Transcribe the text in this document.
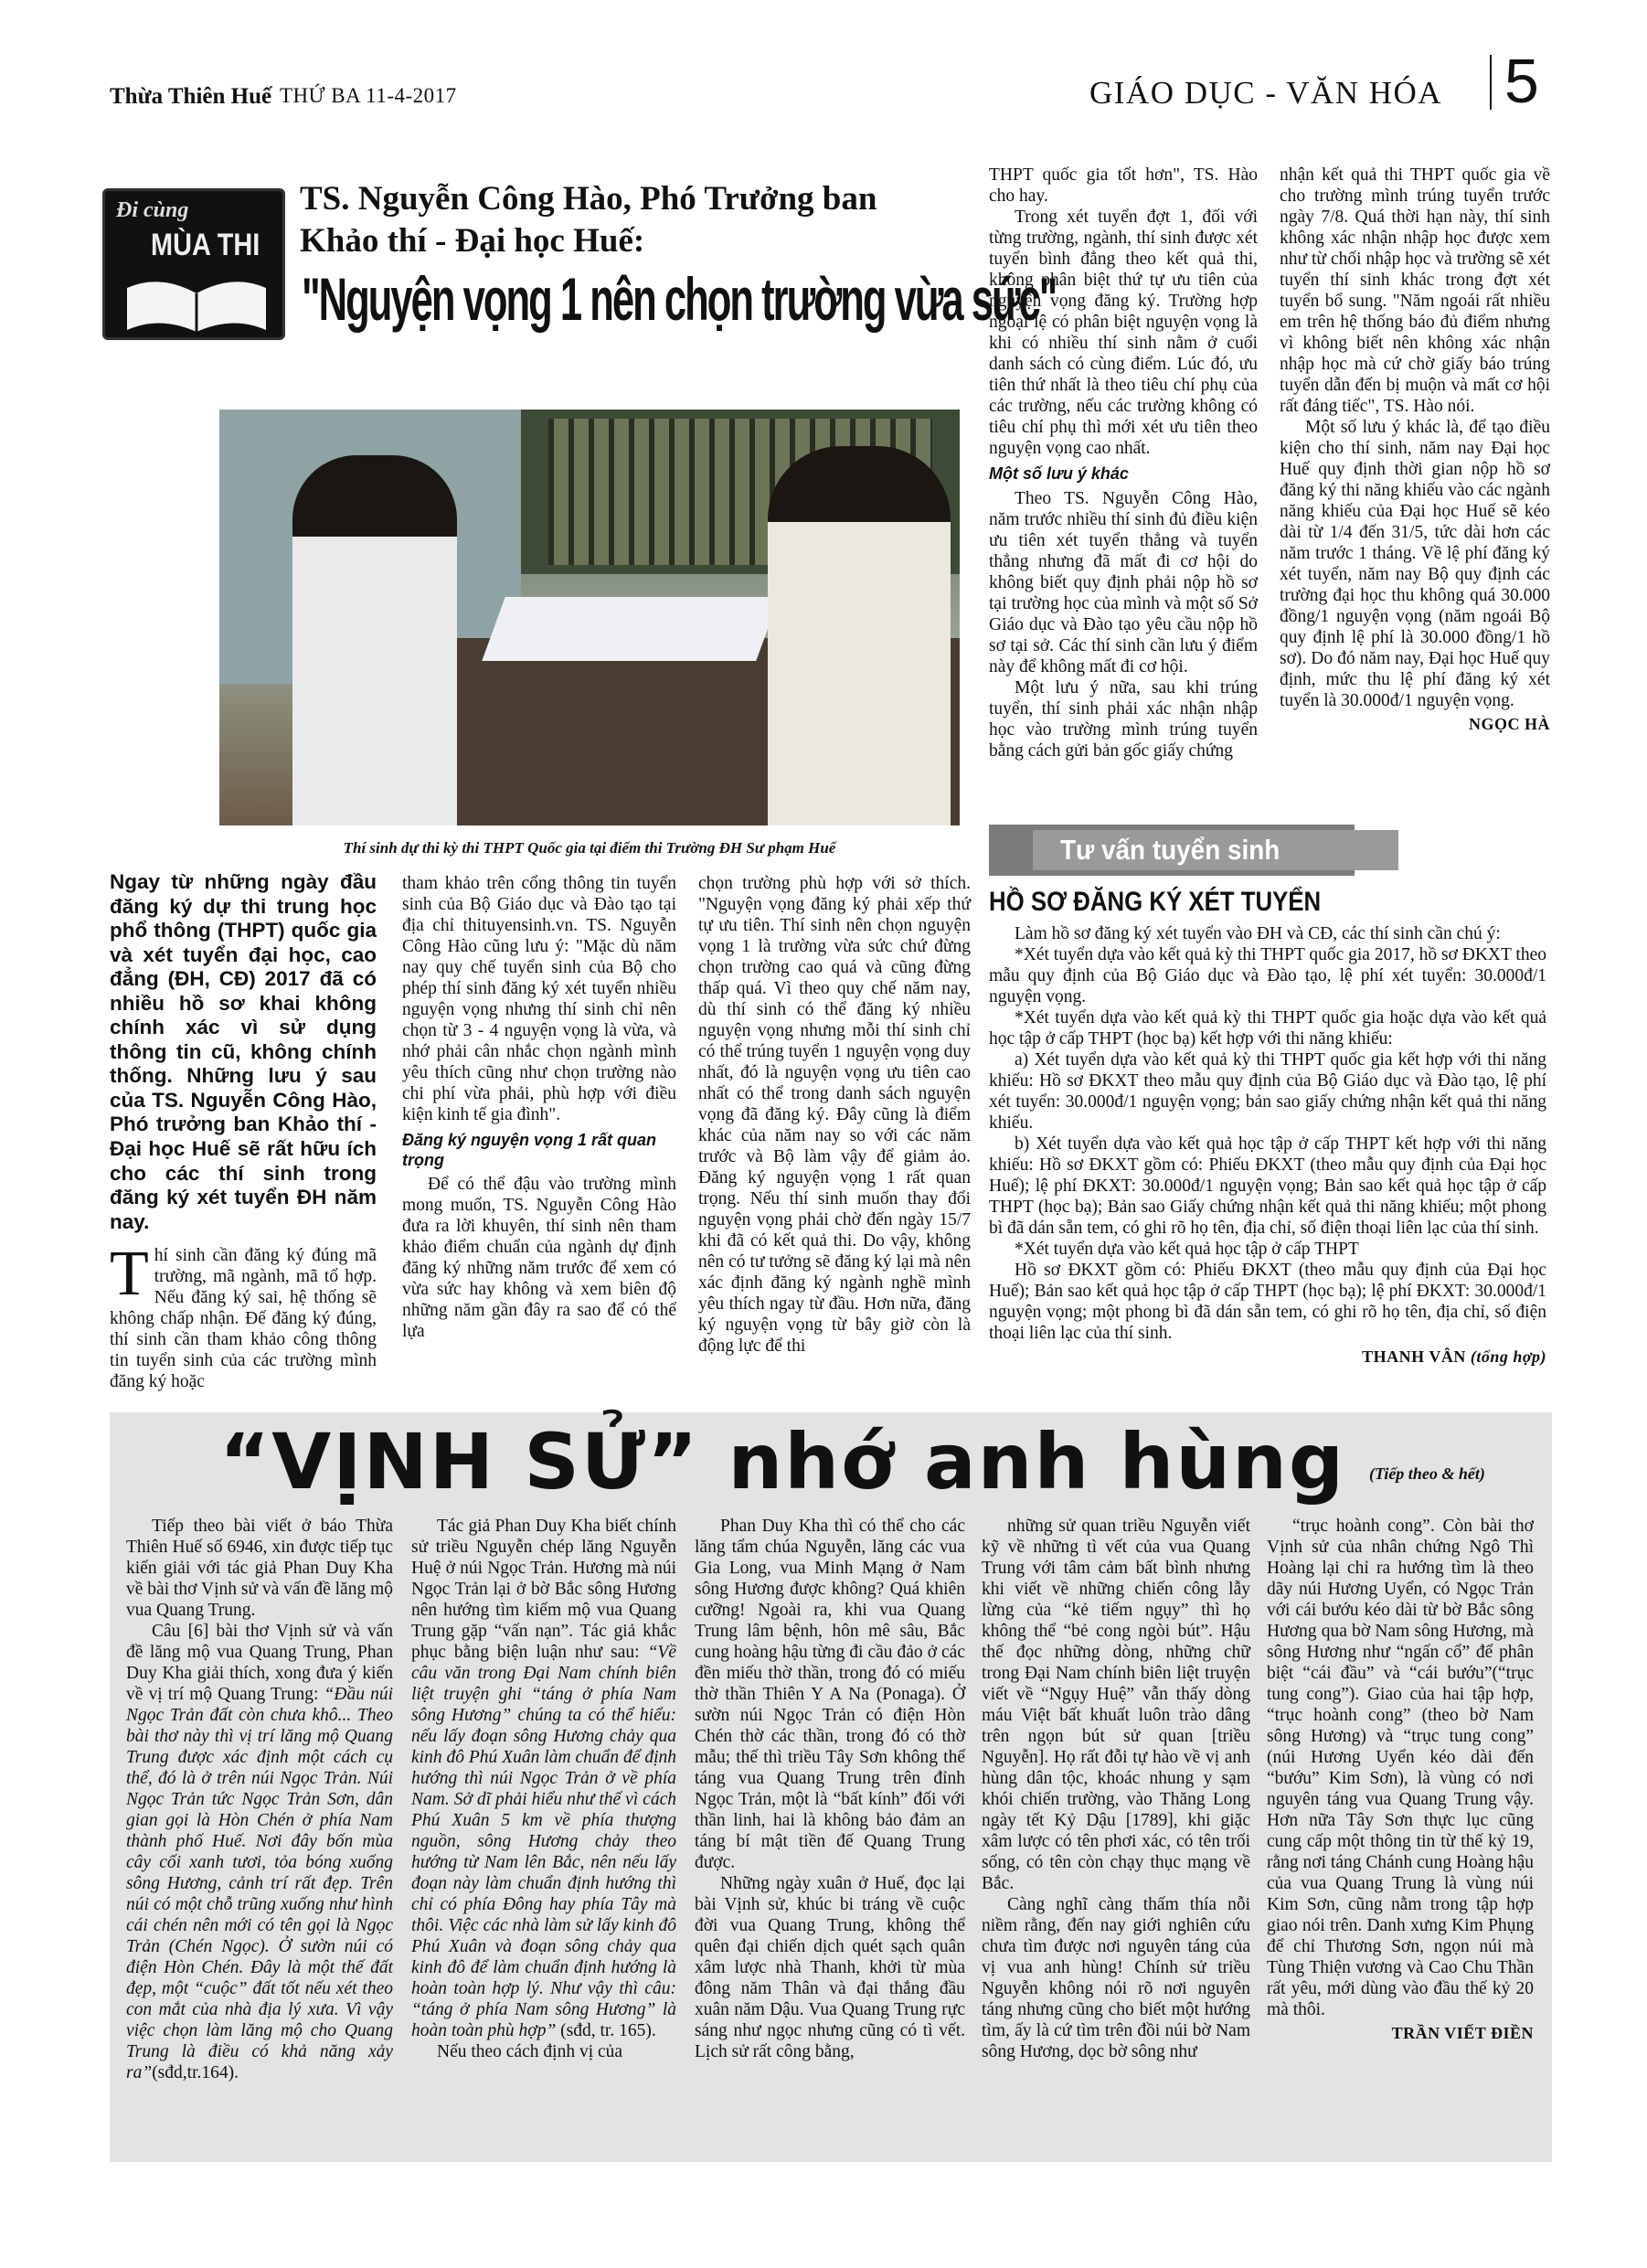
Thừa Thiên Huế THỨ BA 11-4-2017	GIÁO DỤC - VĂN HÓA 5
Đi cùng
MÙA THI
TS. Nguyễn Công Hào, Phó Trưởng ban
Khảo thí - Đại học Huế:
"Nguyện vọng 1 nên chọn trường vừa sức"
Thí sinh dự thi kỳ thi THPT Quốc gia tại điểm thi Trường ĐH Sư phạm Huế
Ngay từ những ngày đầu đăng ký dự thi trung học phổ thông (THPT) quốc gia và xét tuyển đại học, cao đẳng (ĐH, CĐ) 2017 đã có nhiều hồ sơ khai không chính xác vì sử dụng thông tin cũ, không chính thống. Những lưu ý sau của TS. Nguyễn Công Hào, Phó trưởng ban Khảo thí - Đại học Huế sẽ rất hữu ích cho các thí sinh trong đăng ký xét tuyển ĐH năm nay.
Thí sinh cần đăng ký đúng mã trường, mã ngành, mã tổ hợp. Nếu đăng ký sai, hệ thống sẽ không chấp nhận. Để đăng ký đúng, thí sinh cần tham khảo công thông tin tuyển sinh của các trường mình đăng ký hoặc

tham khảo trên cổng thông tin tuyển sinh của Bộ Giáo dục và Đào tạo tại địa chỉ thituyensinh.vn. TS. Nguyễn Công Hào cũng lưu ý: "Mặc dù năm nay quy chế tuyển sinh của Bộ cho phép thí sinh đăng ký xét tuyển nhiều nguyện vọng nhưng thí sinh chỉ nên chọn từ 3 - 4 nguyện vọng là vừa, và nhớ phải cân nhắc chọn ngành mình yêu thích cũng như chọn trường nào chi phí vừa phải, phù hợp với điều kiện kinh tế gia đình".

Đăng ký nguyện vọng 1 rất quan trọng

Để có thể đậu vào trường mình mong muốn, TS. Nguyễn Công Hào đưa ra lời khuyên, thí sinh nên tham khảo điểm chuẩn của ngành dự định đăng ký những năm trước để xem có vừa sức hay không và xem biên độ những năm gần đây ra sao để có thể lựa

chọn trường phù hợp với sở thích. "Nguyện vọng đăng ký phải xếp thứ tự ưu tiên. Thí sinh nên chọn nguyện vọng 1 là trường vừa sức chứ đừng chọn trường cao quá và cũng đừng thấp quá. Vì theo quy chế năm nay, dù thí sinh có thể đăng ký nhiều nguyện vọng nhưng mỗi thí sinh chỉ có thể trúng tuyển 1 nguyện vọng duy nhất, đó là nguyện vọng ưu tiên cao nhất có thể trong danh sách nguyện vọng đã đăng ký. Đây cũng là điểm khác của năm nay so với các năm trước và Bộ làm vậy để giảm ảo. Đăng ký nguyện vọng 1 rất quan trọng. Nếu thí sinh muốn thay đổi nguyện vọng phải chờ đến ngày 15/7 khi đã có kết quả thi. Do vậy, không nên có tư tưởng sẽ đăng ký lại mà nên xác định đăng ký ngành nghề mình yêu thích ngay từ đầu. Hơn nữa, đăng ký nguyện vọng từ bây giờ còn là động lực để thi

THPT quốc gia tốt hơn", TS. Hào cho hay.

Trong xét tuyển đợt 1, đối với từng trường, ngành, thí sinh được xét tuyển bình đẳng theo kết quả thi, không phân biệt thứ tự ưu tiên của nguyện vọng đăng ký. Trường hợp ngoại lệ có phân biệt nguyện vọng là khi có nhiều thí sinh nằm ở cuối danh sách có cùng điểm. Lúc đó, ưu tiên thứ nhất là theo tiêu chí phụ của các trường, nếu các trường không có tiêu chí phụ thì mới xét ưu tiên theo nguyện vọng cao nhất.

Một số lưu ý khác

Theo TS. Nguyễn Công Hào, năm trước nhiều thí sinh đủ điều kiện ưu tiên xét tuyển thẳng và tuyển thẳng nhưng đã mất đi cơ hội do không biết quy định phải nộp hồ sơ tại trường học của mình và một số Sở Giáo dục và Đào tạo yêu cầu nộp hồ sơ tại sở. Các thí sinh cần lưu ý điểm này để không mất đi cơ hội.

Một lưu ý nữa, sau khi trúng tuyển, thí sinh phải xác nhận nhập học vào trường mình trúng tuyển bằng cách gửi bản gốc giấy chứng

nhận kết quả thi THPT quốc gia về cho trường mình trúng tuyển trước ngày 7/8. Quá thời hạn này, thí sinh không xác nhận nhập học được xem như từ chối nhập học và trường sẽ xét tuyển thí sinh khác trong đợt xét tuyển bổ sung. "Năm ngoái rất nhiều em trên hệ thống báo đủ điểm nhưng vì không biết nên không xác nhận nhập học mà cứ chờ giấy báo trúng tuyển dẫn đến bị muộn và mất cơ hội rất đáng tiếc", TS. Hào nói.

Một số lưu ý khác là, để tạo điều kiện cho thí sinh, năm nay Đại học Huế quy định thời gian nộp hồ sơ đăng ký thi năng khiếu vào các ngành năng khiếu của Đại học Huế sẽ kéo dài từ 1/4 đến 31/5, tức dài hơn các năm trước 1 tháng. Về lệ phí đăng ký xét tuyển, năm nay Bộ quy định các trường đại học thu không quá 30.000 đồng/1 nguyện vọng (năm ngoái Bộ quy định lệ phí là 30.000 đồng/1 hồ sơ). Do đó năm nay, Đại học Huế quy định, mức thu lệ phí đăng ký xét tuyển là 30.000đ/1 nguyện vọng.

NGỌC HÀ
Tư vấn tuyển sinh
HỒ SƠ ĐĂNG KÝ XÉT TUYỂN

Làm hồ sơ đăng ký xét tuyển vào ĐH và CĐ, các thí sinh cần chú ý:

*Xét tuyển dựa vào kết quả kỳ thi THPT quốc gia 2017, hồ sơ ĐKXT theo mẫu quy định của Bộ Giáo dục và Đào tạo, lệ phí xét tuyển: 30.000đ/1 nguyện vọng.

*Xét tuyển dựa vào kết quả kỳ thi THPT quốc gia hoặc dựa vào kết quả học tập ở cấp THPT (học bạ) kết hợp với thi năng khiếu:

a) Xét tuyển dựa vào kết quả kỳ thi THPT quốc gia kết hợp với thi năng khiếu: Hồ sơ ĐKXT theo mẫu quy định của Bộ Giáo dục và Đào tạo, lệ phí xét tuyển: 30.000đ/1 nguyện vọng; bản sao giấy chứng nhận kết quả thi năng khiếu.

b) Xét tuyển dựa vào kết quả học tập ở cấp THPT kết hợp với thi năng khiếu: Hồ sơ ĐKXT gồm có: Phiếu ĐKXT (theo mẫu quy định của Đại học Huế); lệ phí ĐKXT: 30.000đ/1 nguyện vọng; Bản sao kết quả học tập ở cấp THPT (học bạ); Bản sao Giấy chứng nhận kết quả thi năng khiếu; một phong bì đã dán sẵn tem, có ghi rõ họ tên, địa chỉ, số điện thoại liên lạc của thí sinh.

*Xét tuyển dựa vào kết quả học tập ở cấp THPT

Hồ sơ ĐKXT gồm có: Phiếu ĐKXT (theo mẫu quy định của Đại học Huế); Bản sao kết quả học tập ở cấp THPT (học bạ); lệ phí ĐKXT: 30.000đ/1 nguyện vọng; một phong bì đã dán sẵn tem, có ghi rõ họ tên, địa chỉ, số điện thoại liên lạc của thí sinh.

THANH VÂN (tổng hợp)
“VỊNH SỬ” nhớ anh hùng (Tiếp theo & hết)

Tiếp theo bài viết ở báo Thừa Thiên Huế số 6946, xin được tiếp tục kiến giải với tác giả Phan Duy Kha về bài thơ Vịnh sử và vấn đề lăng mộ vua Quang Trung.

Câu [6] bài thơ Vịnh sử và vấn đề lăng mộ vua Quang Trung, Phan Duy Kha giải thích, xong đưa ý kiến về vị trí mộ Quang Trung: “Đầu núi Ngọc Trản đất còn chưa khô... Theo bài thơ này thì vị trí lăng mộ Quang Trung được xác định một cách cụ thể, đó là ở trên núi Ngọc Trản. Núi Ngọc Trản tức Ngọc Trản Sơn, dân gian gọi là Hòn Chén ở phía Nam thành phố Huế. Nơi đây bốn mùa cây cối xanh tươi, tỏa bóng xuống sông Hương, cảnh trí rất đẹp. Trên núi có một chỗ trũng xuống như hình cái chén nên mới có tên gọi là Ngọc Trản (Chén Ngọc). Ở sườn núi có điện Hòn Chén. Đây là một thế đất đẹp, một “cuộc” đất tốt nếu xét theo con mắt của nhà địa lý xưa. Vì vậy việc chọn làm lăng mộ cho Quang Trung là điều có khả năng xảy ra”(sđd,tr.164).

Tác giả Phan Duy Kha biết chính sử triều Nguyễn chép lăng Nguyễn Huệ ở núi Ngọc Trản. Hương mà núi Ngọc Trản lại ở bờ Bắc sông Hương nên hướng tìm kiếm mộ vua Quang Trung gặp “vấn nạn”. Tác giả khắc phục bằng biện luận như sau: “Về câu văn trong Đại Nam chính biên liệt truyện ghi “táng ở phía Nam sông Hương” chúng ta có thể hiểu: nếu lấy đoạn sông Hương chảy qua kinh đô Phú Xuân làm chuẩn để định hướng thì núi Ngọc Trản ở về phía Nam. Sở dĩ phải hiểu như thế vì cách Phú Xuân 5 km về phía thượng nguồn, sông Hương chảy theo hướng từ Nam lên Bắc, nên nếu lấy đoạn này làm chuẩn định hướng thì chỉ có phía Đông hay phía Tây mà thôi. Việc các nhà làm sử lấy kinh đô Phú Xuân và đoạn sông chảy qua kinh đô để làm chuẩn định hướng là hoàn toàn hợp lý. Như vậy thì câu: “táng ở phía Nam sông Hương” là hoàn toàn phù hợp” (sđd, tr. 165).

Nếu theo cách định vị của

Phan Duy Kha thì có thể cho các lăng tẩm chúa Nguyễn, lăng các vua Gia Long, vua Minh Mạng ở Nam sông Hương được không? Quá khiên cưỡng! Ngoài ra, khi vua Quang Trung lâm bệnh, hôn mê sâu, Bắc cung hoàng hậu từng đi cầu đảo ở các đền miếu thờ thần, trong đó có miếu thờ thần Thiên Y A Na (Ponaga). Ở sườn núi Ngọc Trản có điện Hòn Chén thờ các thần, trong đó có thờ mẫu; thế thì triều Tây Sơn không thể táng vua Quang Trung trên đỉnh Ngọc Trản, một là “bất kính” đối với thần linh, hai là không bảo đảm an táng bí mật tiền đế Quang Trung được.

Những ngày xuân ở Huế, đọc lại bài Vịnh sử, khúc bi tráng về cuộc đời vua Quang Trung, không thể quên đại chiến dịch quét sạch quân xâm lược nhà Thanh, khởi từ mùa đông năm Thân và đại thắng đầu xuân năm Dậu. Vua Quang Trung rực sáng như ngọc nhưng cũng có tì vết. Lịch sử rất công bằng,

những sử quan triều Nguyễn viết kỹ về những tì vết của vua Quang Trung với tâm cảm bất bình nhưng khi viết về những chiến công lẫy lừng của “kẻ tiếm ngụy” thì họ không thể “bẻ cong ngòi bút”. Hậu thế đọc những dòng, những chữ trong Đại Nam chính biên liệt truyện viết về “Ngụy Huệ” vẫn thấy dòng máu Việt bất khuất luôn trào dâng trên ngọn bút sử quan [triều Nguyễn]. Họ rất đỗi tự hào về vị anh hùng dân tộc, khoác nhung y sạm khói chiến trường, vào Thăng Long ngày tết Kỷ Dậu [1789], khi giặc xâm lược có tên phơi xác, có tên trối sống, có tên còn chạy thục mạng về Bắc.

Càng nghĩ càng thấm thía nỗi niềm rằng, đến nay giới nghiên cứu chưa tìm được nơi nguyên táng của vị vua anh hùng! Chính sử triều Nguyễn không nói rõ nơi nguyên táng nhưng cũng cho biết một hướng tìm, ấy là cứ tìm trên đồi núi bờ Nam sông Hương, dọc bờ sông như

“trục hoành cong”. Còn bài thơ Vịnh sử của nhân chứng Ngô Thì Hoàng lại chỉ ra hướng tìm là theo dãy núi Hương Uyển, có Ngọc Trản với cái bướu kéo dài từ bờ Bắc sông Hương qua bờ Nam sông Hương, mà sông Hương như “ngấn cổ” để phân biệt “cái đầu” và “cái bướu”(“trục tung cong”). Giao của hai tập hợp, “trục hoành cong” (theo bờ Nam sông Hương) và “trục tung cong” (núi Hương Uyển kéo dài đến “bướu” Kim Sơn), là vùng có nơi nguyên táng vua Quang Trung vậy. Hơn nữa Tây Sơn thực lục cũng cung cấp một thông tin từ thế kỷ 19, rằng nơi táng Chánh cung Hoàng hậu của vua Quang Trung là vùng núi Kim Sơn, cũng nằm trong tập hợp giao nói trên. Danh xưng Kim Phụng để chỉ Thương Sơn, ngọn núi mà Tùng Thiện vương và Cao Chu Thần rất yêu, mới dùng vào đầu thế kỷ 20 mà thôi.

TRẦN VIẾT ĐIỀN
